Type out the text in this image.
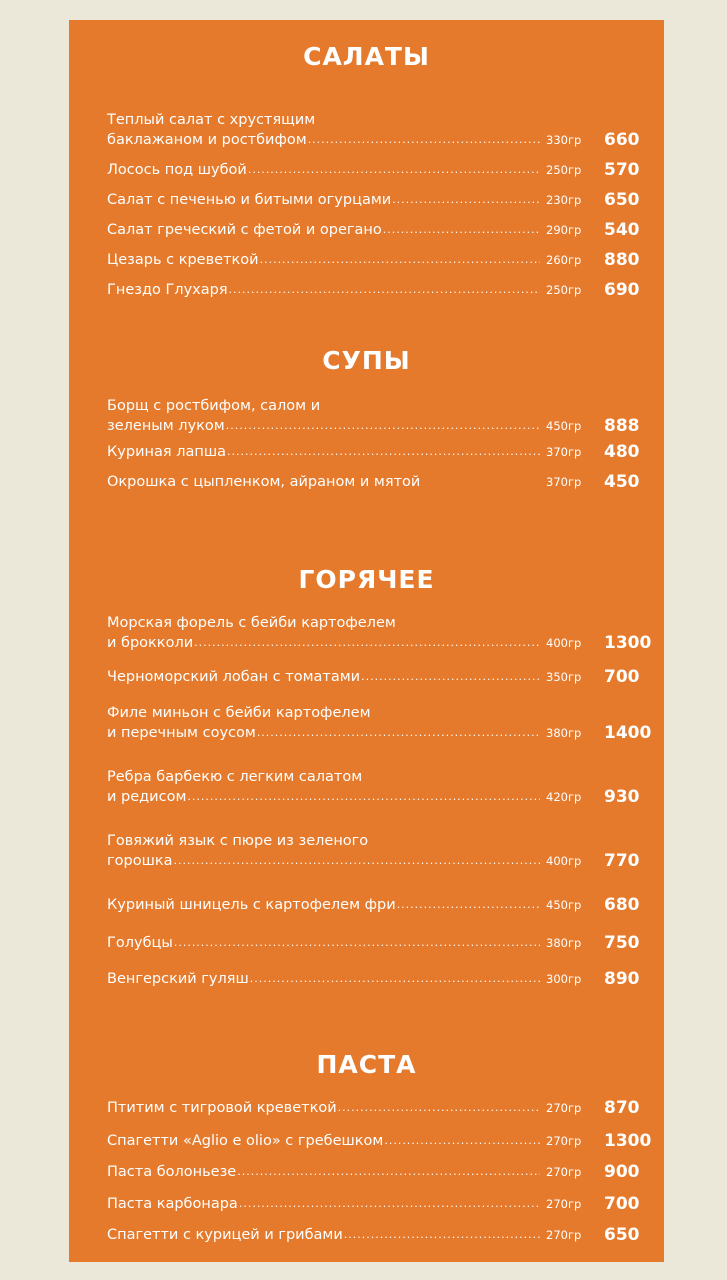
САЛАТЫ
Теплый салат с хрустящим
баклажаном и ростбифом .....	330гр	660
Лосось под шубой .....	250гр	570
Салат с печенью и битыми огурцами .....	230гр	650
Салат греческий с фетой и орегано .....	290гр	540
Цезарь с креветкой .....	260гр	880
Гнездо Глухаря .....	250гр	690
СУПЫ
Борщ с ростбифом, салом и
зеленым луком .....	450гр	888
Куриная лапша .....	370гр	480
Окрошка с цыпленком, айраном и мятой	370гр	450
ГОРЯЧЕЕ
Морская форель с бейби картофелем
и брокколи .....	400гр	1300
Черноморский лобан с томатами .....	350гр	700
Филе миньон с бейби картофелем
и перечным соусом .....	380гр	1400
Ребра барбекю с легким салатом
и редисом .....	420гр	930
Говяжий язык с пюре из зеленого
горошка .....	400гр	770
Куриный шницель с картофелем фри .....	450гр	680
Голубцы .....	380гр	750
Венгерский гуляш .....	300гр	890
ПАСТА
Птитим с тигровой креветкой .....	270гр	870
Спагетти «Aglio e olio» с гребешком .....	270гр	1300
Паста болоньезе .....	270гр	900
Паста карбонара .....	270гр	700
Спагетти с курицей и грибами .....	270гр	650
